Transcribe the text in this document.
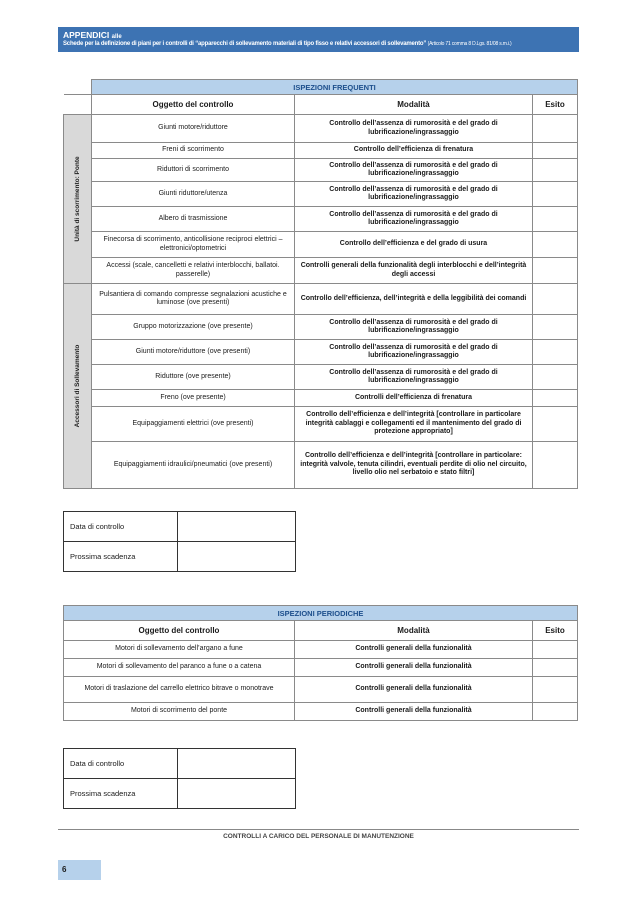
APPENDICI alle
Schede per la definizione di piani per i controlli di “apparecchi di sollevamento materiali di tipo fisso e relativi accessori di sollevamento” (Articolo 71 comma 8 D.Lgs. 81/08 s.m.i.)
	ISPEZIONI FREQUENTI		
	Oggetto del controllo	Modalità	Esito

Unità di scorrimento: Ponte	Giunti motore/riduttore	Controllo dell’assenza di rumorosità e del grado di lubrificazione/ingrassaggio	
	Freni di scorrimento	Controllo dell’efficienza di frenatura	
	Riduttori di scorrimento	Controllo dell’assenza di rumorosità e del grado di lubrificazione/ingrassaggio	
	Giunti riduttore/utenza	Controllo dell’assenza di rumorosità e del grado di lubrificazione/ingrassaggio	
	Albero di trasmissione	Controllo dell’assenza di rumorosità e del grado di lubrificazione/ingrassaggio	
	Finecorsa di scorrimento, anticollisione reciproci elettrici – elettronici/optometrici	Controllo dell’efficienza e del grado di usura	
	Accessi (scale, cancelletti e relativi interblocchi, ballatoi. passerelle)	Controlli generali della funzionalità degli interblocchi e dell’integrità degli accessi	

Accessori di Sollevamento	Pulsantiera di comando compresse segnalazioni acustiche e luminose (ove presenti)	Controllo dell’efficienza, dell’integrità e della leggibilità dei comandi	
	Gruppo motorizzazione (ove presente)	Controllo dell’assenza di rumorosità e del grado di lubrificazione/ingrassaggio	
	Giunti motore/riduttore (ove presenti)	Controllo dell’assenza di rumorosità e del grado di lubrificazione/ingrassaggio	
	Riduttore (ove presente)	Controllo dell’assenza di rumorosità e del grado di lubrificazione/ingrassaggio	
	Freno (ove presente)	Controlli dell’efficienza di frenatura	
	Equipaggiamenti elettrici (ove presenti)	Controllo dell’efficienza e dell’integrità [controllare in particolare integrità cablaggi e collegamenti ed il mantenimento del grado di protezione appropriato]	
	Equipaggiamenti idraulici/pneumatici (ove presenti)	Controllo dell’efficienza e dell’integrità [controllare in particolare: integrità valvole, tenuta cilindri, eventuali perdite di olio nel circuito, livello olio nel serbatoio e stato filtri]	
Data di controllo	
Prossima scadenza	
ISPEZIONI PERIODICHE		
Oggetto del controllo	Modalità	Esito
Motori di sollevamento dell’argano a fune	Controlli generali della funzionalità	
Motori di sollevamento del paranco a fune o a catena	Controlli generali della funzionalità	
Motori di traslazione del carrello elettrico bitrave o monotrave	Controlli generali della funzionalità	
Motori di scorrimento del ponte	Controlli generali della funzionalità	
Data di controllo	
Prossima scadenza	
CONTROLLI A CARICO DEL PERSONALE DI MANUTENZIONE
6
